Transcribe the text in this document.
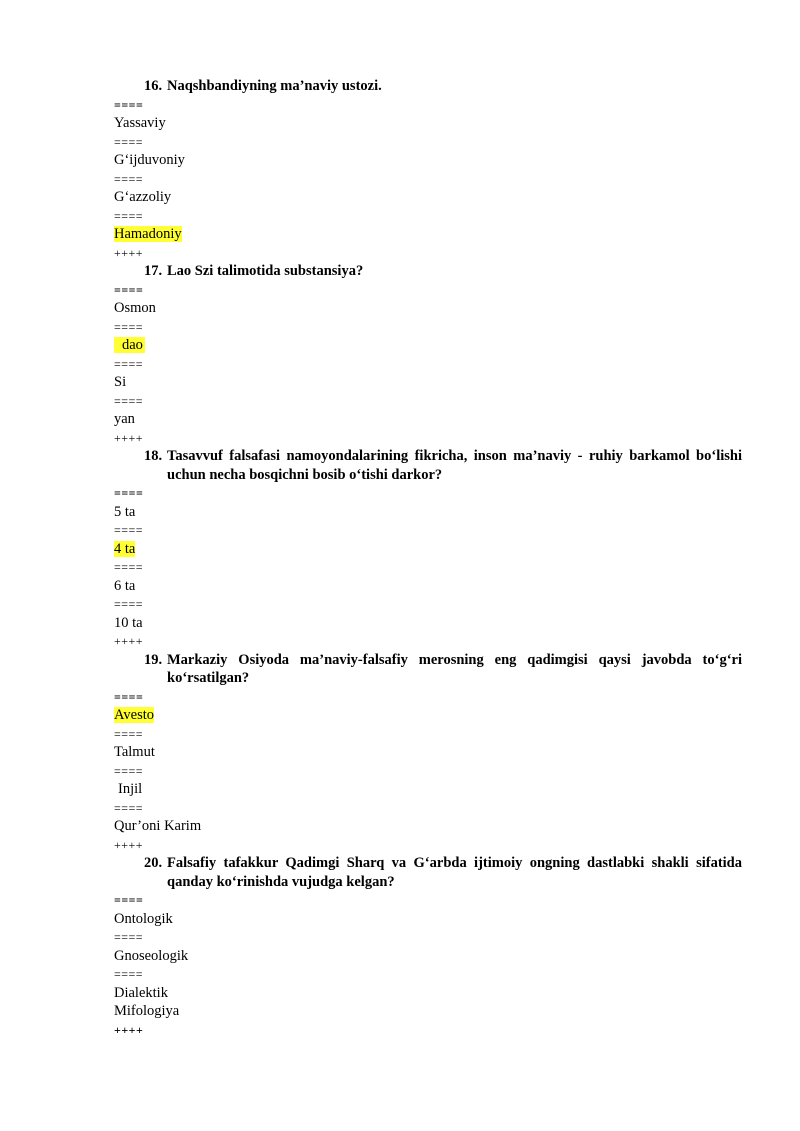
16. Naqshbandiyning ma’naviy ustozi.
====
Yassaviy
====
G‘ijduvoniy
====
G‘azzoliy
====
Hamadoniy
++++
17. Lao Szi talimotida substansiya?
====
Osmon
====
dao
====
Si
====
yan
++++
18. Tasavvuf falsafasi namoyondalarining fikricha, inson ma’naviy - ruhiy barkamol bo‘lishi uchun necha bosqichni bosib o‘tishi darkor?
====
5 ta
====
4 ta
====
6 ta
====
10 ta
++++
19. Markaziy Osiyoda ma’naviy-falsafiy merosning eng qadimgisi qaysi javobda to‘g‘ri ko‘rsatilgan?
====
Avesto
====
Talmut
====
Injil
====
Qur’oni Karim
++++
20. Falsafiy tafakkur Qadimgi Sharq va G‘arbda ijtimoiy ongning dastlabki shakli sifatida qanday ko‘rinishda vujudga kelgan?
====
Ontologik
====
Gnoseologik
====
Dialektik
Mifologiya
++++
